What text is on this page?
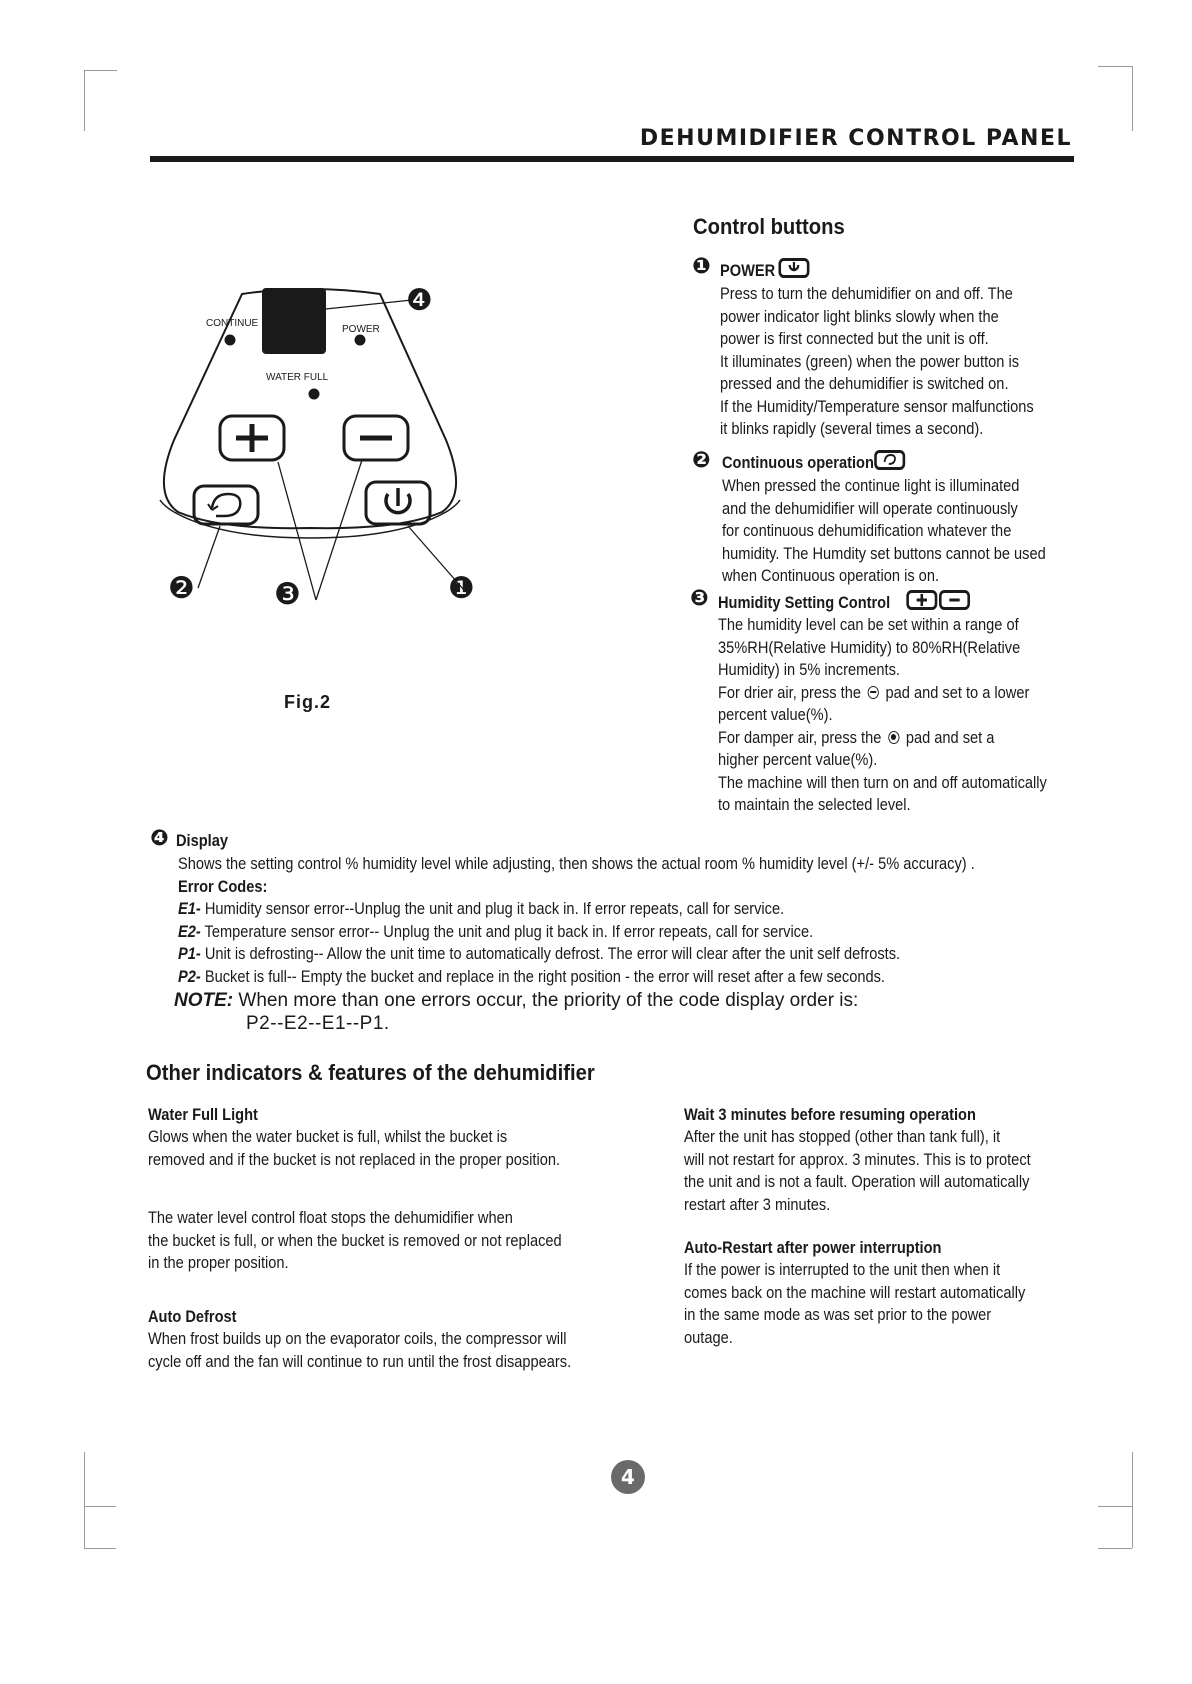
DEHUMIDIFIER CONTROL PANEL
CONTINUE
POWER
WATER FULL
❹
❷	❸	❶
Fig.2
Control buttons
❶ POWER
Press to turn the dehumidifier on and off. The
power indicator light blinks slowly when the
power is first connected but the unit is off.
It illuminates (green) when the power button is
pressed and the dehumidifier is switched on.
If the Humidity/Temperature sensor malfunctions
it blinks rapidly (several times a second).
❷ Continuous operation
When pressed the continue light is illuminated
and the dehumidifier will operate continuously
for continuous dehumidification whatever the
humidity. The Humdity set buttons cannot be used
when Continuous operation is on.
❸ Humidity Setting Control
The humidity level can be set within a range of
35%RH(Relative Humidity) to 80%RH(Relative
Humidity) in 5% increments.
For drier air, press the pad and set to a lower
percent value(%).
For damper air, press the pad and set a
higher percent value(%).
The machine will then turn on and off automatically
to maintain the selected level.
❹ Display
Shows the setting control % humidity level while adjusting, then shows the actual room % humidity level (+/- 5% accuracy) .
Error Codes:
E1- Humidity sensor error--Unplug the unit and plug it back in. If error repeats, call for service.
E2- Temperature sensor error-- Unplug the unit and plug it back in. If error repeats, call for service.
P1- Unit is defrosting-- Allow the unit time to automatically defrost. The error will clear after the unit self defrosts.
P2- Bucket is full-- Empty the bucket and replace in the right position - the error will reset after a few seconds.
NOTE: When more than one errors occur, the priority of the code display order is:
P2--E2--E1--P1.
Other indicators & features of the dehumidifier
Water Full Light
Glows when the water bucket is full, whilst the bucket is
removed and if the bucket is not replaced in the proper position.
The water level control float stops the dehumidifier when
the bucket is full, or when the bucket is removed or not replaced
in the proper position.
Auto Defrost
When frost builds up on the evaporator coils, the compressor will
cycle off and the fan will continue to run until the frost disappears.
Wait 3 minutes before resuming operation
After the unit has stopped (other than tank full), it
will not restart for approx. 3 minutes. This is to protect
the unit and is not a fault. Operation will automatically
restart after 3 minutes.
Auto-Restart after power interruption
If the power is interrupted to the unit then when it
comes back on the machine will restart automatically
in the same mode as was set prior to the power
outage.
4
